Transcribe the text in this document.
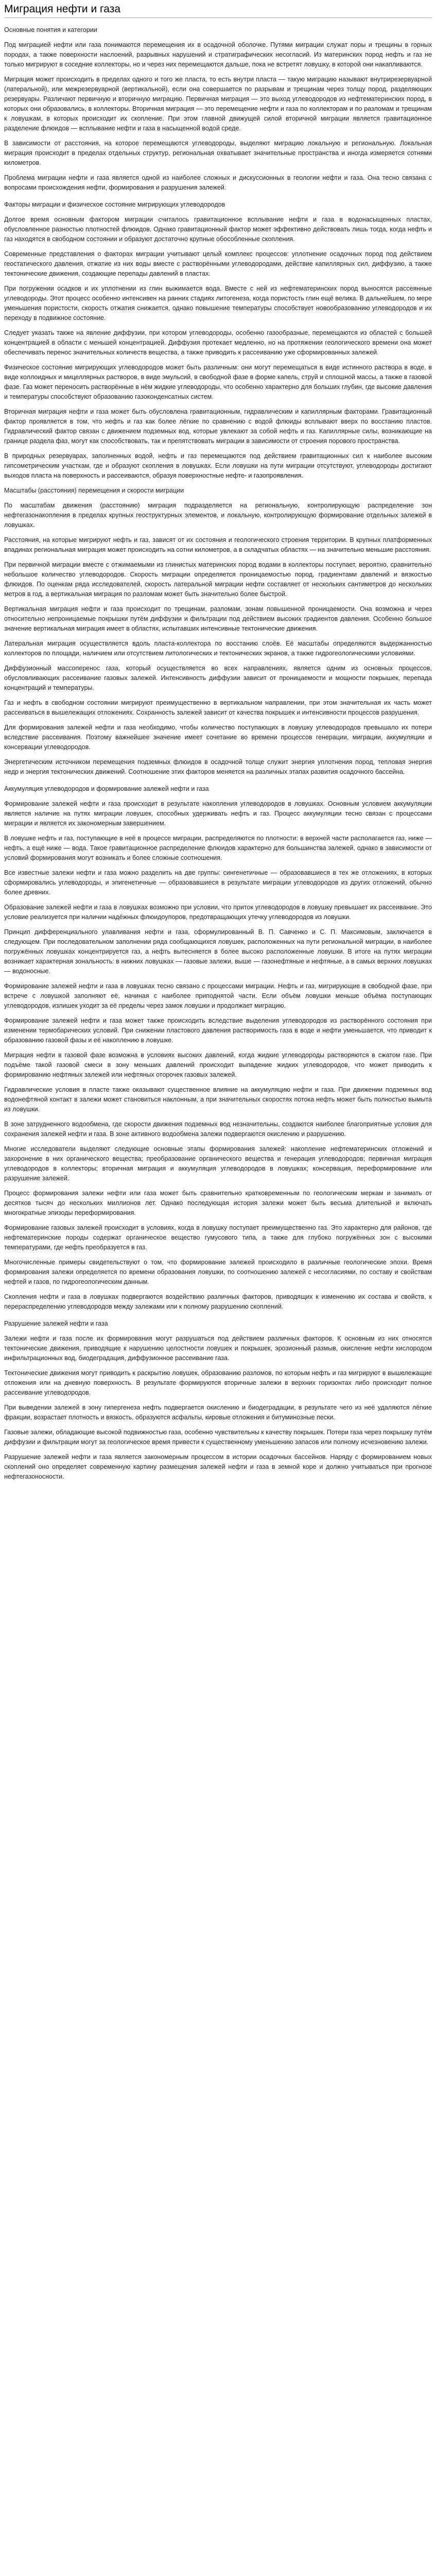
Миграция нефти и газа
Основные понятия и категории

Под миграцией нефти или газа понимаются перемещения их в осадочной оболочке. Путями миграции служат поры и трещины в горных породах, а также поверхности наслоений, разрывных нарушений и стратиграфических несогласий. Из материнских пород нефть и газ не только мигрируют в соседние коллекторы, но и через них перемещаются дальше, пока не встретят ловушку, в которой они накапливаются.

Миграция может происходить в пределах одного и того же пласта, то есть внутри пласта — такую миграцию называют внутрирезервуарной (латеральной), или межрезервуарной (вертикальной), если она совершается по разрывам и трещинам через толщу пород, разделяющих резервуары. Различают первичную и вторичную миграцию. Первичная миграция — это выход углеводородов из нефтематеринских пород, в которых они образовались, в коллекторы. Вторичная миграция — это перемещение нефти и газа по коллекторам и по разломам и трещинам к ловушкам, в которых происходит их скопление. При этом главной движущей силой вторичной миграции является гравитационное разделение флюидов — всплывание нефти и газа в насыщенной водой среде.

В зависимости от расстояния, на которое перемещаются углеводороды, выделяют миграцию локальную и региональную. Локальная миграция происходит в пределах отдельных структур, региональная охватывает значительные пространства и иногда измеряется сотнями километров.

Проблема миграции нефти и газа является одной из наиболее сложных и дискуссионных в геологии нефти и газа. Она тесно связана с вопросами происхождения нефти, формирования и разрушения залежей.

Факторы миграции и физическое состояние мигрирующих углеводородов

Долгое время основным фактором миграции считалось гравитационное всплывание нефти и газа в водонасыщенных пластах, обусловленное разностью плотностей флюидов. Однако гравитационный фактор может эффективно действовать лишь тогда, когда нефть и газ находятся в свободном состоянии и образуют достаточно крупные обособленные скопления.

Современные представления о факторах миграции учитывают целый комплекс процессов: уплотнение осадочных пород под действием геостатического давления, отжатие из них воды вместе с растворёнными углеводородами, действие капиллярных сил, диффузию, а также тектонические движения, создающие перепады давлений в пластах.

При погружении осадков и их уплотнении из глин выжимается вода. Вместе с ней из нефтематеринских пород выносятся рассеянные углеводороды. Этот процесс особенно интенсивен на ранних стадиях литогенеза, когда пористость глин ещё велика. В дальнейшем, по мере уменьшения пористости, скорость отжатия снижается, однако повышение температуры способствует новообразованию углеводородов и их переходу в подвижное состояние.

Следует указать также на явление диффузии, при котором углеводороды, особенно газообразные, перемещаются из областей с большей концентрацией в области с меньшей концентрацией. Диффузия протекает медленно, но на протяжении геологического времени она может обеспечивать перенос значительных количеств вещества, а также приводить к рассеиванию уже сформированных залежей.

Физическое состояние мигрирующих углеводородов может быть различным: они могут перемещаться в виде истинного раствора в воде, в виде коллоидных и мицеллярных растворов, в виде эмульсий, в свободной фазе в форме капель, струй и сплошной массы, а также в газовой фазе. Газ может переносить растворённые в нём жидкие углеводороды, что особенно характерно для больших глубин, где высокие давления и температуры способствуют образованию газоконденсатных систем.

Вторичная миграция нефти и газа может быть обусловлена гравитационным, гидравлическим и капиллярным факторами. Гравитационный фактор проявляется в том, что нефть и газ как более лёгкие по сравнению с водой флюиды всплывают вверх по восстанию пластов. Гидравлический фактор связан с движением подземных вод, которые увлекают за собой нефть и газ. Капиллярные силы, возникающие на границе раздела фаз, могут как способствовать, так и препятствовать миграции в зависимости от строения порового пространства.

В природных резервуарах, заполненных водой, нефть и газ перемещаются под действием гравитационных сил к наиболее высоким гипсометрическим участкам, где и образуют скопления в ловушках. Если ловушки на пути миграции отсутствуют, углеводороды достигают выходов пласта на поверхность и рассеиваются, образуя поверхностные нефте- и газопроявления.

Масштабы (расстояния) перемещения и скорости миграции

По масштабам движения (расстоянию) миграция подразделяется на региональную, контролирующую распределение зон нефтегазонакопления в пределах крупных геоструктурных элементов, и локальную, контролирующую формирование отдельных залежей в ловушках.

Расстояния, на которые мигрируют нефть и газ, зависят от их состояния и геологического строения территории. В крупных платформенных впадинах региональная миграция может происходить на сотни километров, а в складчатых областях — на значительно меньшие расстояния.

При первичной миграции вместе с отжимаемыми из глинистых материнских пород водами в коллекторы поступает, вероятно, сравнительно небольшое количество углеводородов. Скорость миграции определяется проницаемостью пород, градиентами давлений и вязкостью флюидов. По оценкам ряда исследователей, скорость латеральной миграции нефти составляет от нескольких сантиметров до нескольких метров в год, а вертикальная миграция по разломам может быть значительно более быстрой.

Вертикальная миграция нефти и газа происходит по трещинам, разломам, зонам повышенной проницаемости. Она возможна и через относительно непроницаемые покрышки путём диффузии и фильтрации под действием высоких градиентов давления. Особенно большое значение вертикальная миграция имеет в областях, испытавших интенсивные тектонические движения.

Латеральная миграция осуществляется вдоль пласта-коллектора по восстанию слоёв. Её масштабы определяются выдержанностью коллекторов по площади, наличием или отсутствием литологических и тектонических экранов, а также гидрогеологическими условиями.

Диффузионный массоперенос газа, который осуществляется во всех направлениях, является одним из основных процессов, обусловливающих рассеивание газовых залежей. Интенсивность диффузии зависит от проницаемости и мощности покрышек, перепада концентраций и температуры.

Газ и нефть в свободном состоянии мигрируют преимущественно в вертикальном направлении, при этом значительная их часть может рассеиваться в вышележащих отложениях. Сохранность залежей зависит от качества покрышек и интенсивности процессов разрушения.

Для формирования залежей нефти и газа необходимо, чтобы количество поступающих в ловушку углеводородов превышало их потери вследствие рассеивания. Поэтому важнейшее значение имеет сочетание во времени процессов генерации, миграции, аккумуляции и консервации углеводородов.

Энергетическим источником перемещения подземных флюидов в осадочной толще служит энергия уплотнения пород, тепловая энергия недр и энергия тектонических движений. Соотношение этих факторов меняется на различных этапах развития осадочного бассейна.

Аккумуляция углеводородов и формирование залежей нефти и газа

Формирование залежей нефти и газа происходит в результате накопления углеводородов в ловушках. Основным условием аккумуляции является наличие на путях миграции ловушек, способных удерживать нефть и газ. Процесс аккумуляции тесно связан с процессами миграции и является их закономерным завершением.

В ловушке нефть и газ, поступающие в неё в процессе миграции, распределяются по плотности: в верхней части располагается газ, ниже — нефть, а ещё ниже — вода. Такое гравитационное распределение флюидов характерно для большинства залежей, однако в зависимости от условий формирования могут возникать и более сложные соотношения.

Все известные залежи нефти и газа можно разделить на две группы: сингенетичные — образовавшиеся в тех же отложениях, в которых сформировались углеводороды, и эпигенетичные — образовавшиеся в результате миграции углеводородов из других отложений, обычно более древних.

Образование залежей нефти и газа в ловушках возможно при условии, что приток углеводородов в ловушку превышает их рассеивание. Это условие реализуется при наличии надёжных флюидоупоров, предотвращающих утечку углеводородов из ловушки.

Принцип дифференциального улавливания нефти и газа, сформулированный В. П. Савченко и С. П. Максимовым, заключается в следующем. При последовательном заполнении ряда сообщающихся ловушек, расположенных на пути региональной миграции, в наиболее погружённых ловушках концентрируется газ, а нефть вытесняется в более высоко расположенные ловушки. В итоге на путях миграции возникает характерная зональность: в нижних ловушках — газовые залежи, выше — газонефтяные и нефтяные, а в самых верхних ловушках — водоносные.

Формирование залежей нефти и газа в ловушках тесно связано с процессами миграции. Нефть и газ, мигрирующие в свободной фазе, при встрече с ловушкой заполняют её, начиная с наиболее приподнятой части. Если объём ловушки меньше объёма поступающих углеводородов, излишек уходит за её пределы через замок ловушки и продолжает миграцию.

Формирование залежей нефти и газа может также происходить вследствие выделения углеводородов из растворённого состояния при изменении термобарических условий. При снижении пластового давления растворимость газа в воде и нефти уменьшается, что приводит к образованию газовой фазы и её накоплению в ловушке.

Миграция нефти в газовой фазе возможна в условиях высоких давлений, когда жидкие углеводороды растворяются в сжатом газе. При подъёме такой газовой смеси в зону меньших давлений происходит выпадение жидких углеводородов, что может приводить к формированию нефтяных залежей или нефтяных оторочек газовых залежей.

Гидравлические условия в пласте также оказывают существенное влияние на аккумуляцию нефти и газа. При движении подземных вод водонефтяной контакт в залежи может становиться наклонным, а при значительных скоростях потока нефть может быть полностью вымыта из ловушки.

В зоне затрудненного водообмена, где скорости движения подземных вод незначительны, создаются наиболее благоприятные условия для сохранения залежей нефти и газа. В зоне активного водообмена залежи подвергаются окислению и разрушению.

Многие исследователи выделяют следующие основные этапы формирования залежей: накопление нефтематеринских отложений и захоронение в них органического вещества; преобразование органического вещества и генерация углеводородов; первичная миграция углеводородов в коллекторы; вторичная миграция и аккумуляция углеводородов в ловушках; консервация, переформирование или разрушение залежей.

Процесс формирования залежи нефти или газа может быть сравнительно кратковременным по геологическим меркам и занимать от десятков тысяч до нескольких миллионов лет. Однако последующая история залежи может быть весьма длительной и включать многократные эпизоды переформирования.

Формирование газовых залежей происходит в условиях, когда в ловушку поступает преимущественно газ. Это характерно для районов, где нефтематеринские породы содержат органическое вещество гумусового типа, а также для глубоко погружённых зон с высокими температурами, где нефть преобразуется в газ.

Многочисленные примеры свидетельствуют о том, что формирование залежей происходило в различные геологические эпохи. Время формирования залежи определяется по времени образования ловушки, по соотношению залежей с несогласиями, по составу и свойствам нефтей и газов, по гидрогеологическим данным.

Скопления нефти и газа в ловушках подвергаются воздействию различных факторов, приводящих к изменению их состава и свойств, к перераспределению углеводородов между залежами или к полному разрушению скоплений.

Разрушение залежей нефти и газа

Залежи нефти и газа после их формирования могут разрушаться под действием различных факторов. К основным из них относятся тектонические движения, приводящие к нарушению целостности ловушек и покрышек, эрозионный размыв, окисление нефти кислородом инфильтрационных вод, биодеградация, диффузионное рассеивание газа.

Тектонические движения могут приводить к раскрытию ловушек, образованию разломов, по которым нефть и газ мигрируют в вышележащие отложения или на дневную поверхность. В результате формируются вторичные залежи в верхних горизонтах либо происходит полное рассеивание углеводородов.

При выведении залежей в зону гипергенеза нефть подвергается окислению и биодеградации, в результате чего из неё удаляются лёгкие фракции, возрастает плотность и вязкость, образуются асфальты, кировые отложения и битуминозные пески.

Газовые залежи, обладающие высокой подвижностью газа, особенно чувствительны к качеству покрышек. Потери газа через покрышку путём диффузии и фильтрации могут за геологическое время привести к существенному уменьшению запасов или полному исчезновению залежи.

Разрушение залежей нефти и газа является закономерным процессом в истории осадочных бассейнов. Наряду с формированием новых скоплений оно определяет современную картину размещения залежей нефти и газа в земной коре и должно учитываться при прогнозе нефтегазоносности.
